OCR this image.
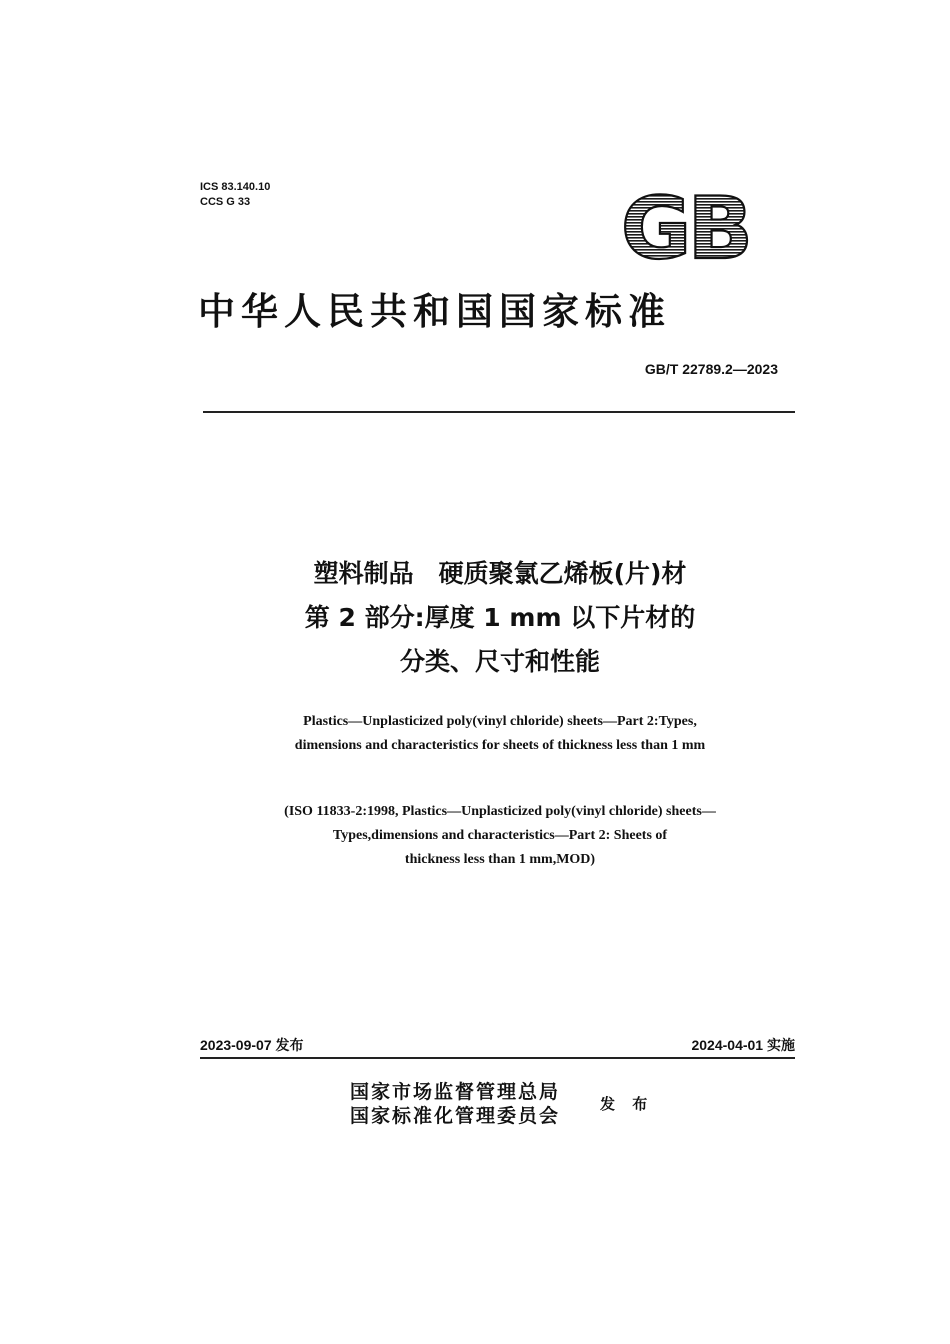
ICS 83.140.10
CCS G 33	GB
中华人民共和国国家标准
GB/T 22789.2—2023
塑料制品　硬质聚氯乙烯板(片)材
第 2 部分:厚度 1 mm 以下片材的
分类、尺寸和性能
Plastics—Unplasticized poly(vinyl chloride) sheets—Part 2:Types,
dimensions and characteristics for sheets of thickness less than 1 mm
(ISO 11833-2:1998, Plastics—Unplasticized poly(vinyl chloride) sheets—
Types,dimensions and characteristics—Part 2: Sheets of
thickness less than 1 mm,MOD)
2023-09-07 发布	2024-04-01 实施
国家市场监督管理总局
国家标准化管理委员会
发 布
